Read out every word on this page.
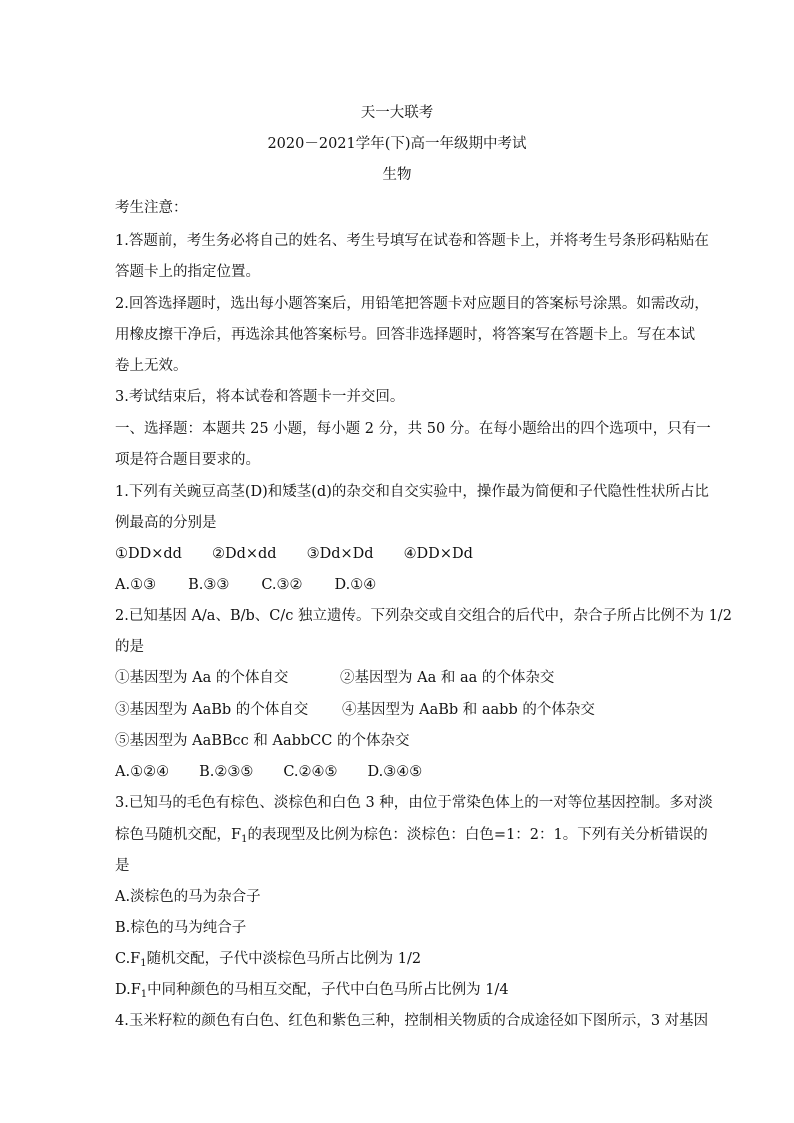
天一大联考
2020－2021学年(下)高一年级期中考试
生物
考生注意：
1.答题前，考生务必将自己的姓名、考生号填写在试卷和答题卡上，并将考生号条形码粘贴在
答题卡上的指定位置。
2.回答选择题时，选出每小题答案后，用铅笔把答题卡对应题目的答案标号涂黑。如需改动，
用橡皮擦干净后，再选涂其他答案标号。回答非选择题时，将答案写在答题卡上。写在本试
卷上无效。
3.考试结束后，将本试卷和答题卡一并交回。
一、选择题：本题共 25 小题，每小题 2 分，共 50 分。在每小题给出的四个选项中，只有一
项是符合题目要求的。
1.下列有关豌豆高茎(D)和矮茎(d)的杂交和自交实验中，操作最为简便和子代隐性性状所占比
例最高的分别是
①DD×dd ②Dd×dd ③Dd×Dd ④DD×Dd
A.①③ B.③③ C.③② D.①④
2.已知基因 A/a、B/b、C/c 独立遗传。下列杂交或自交组合的后代中，杂合子所占比例不为 1/2
的是
①基因型为 Aa 的个体自交	②基因型为 Aa 和 aa 的个体杂交
③基因型为 AaBb 的个体自交 ④基因型为 AaBb 和 aabb 的个体杂交
⑤基因型为 AaBBcc 和 AabbCC 的个体杂交
A.①②④ B.②③⑤ C.②④⑤ D.③④⑤
3.已知马的毛色有棕色、淡棕色和白色 3 种，由位于常染色体上的一对等位基因控制。多对淡
棕色马随机交配，$F_1$的表现型及比例为棕色：淡棕色：白色=1：2：1。下列有关分析错误的
是
A.淡棕色的马为杂合子
B.棕色的马为纯合子
$C.F_1$随机交配，子代中淡棕色马所占比例为 1/2
$D.F_1$中同种颜色的马相互交配，子代中白色马所占比例为 1/4
4.玉米籽粒的颜色有白色、红色和紫色三种，控制相关物质的合成途径如下图所示，3 对基因
